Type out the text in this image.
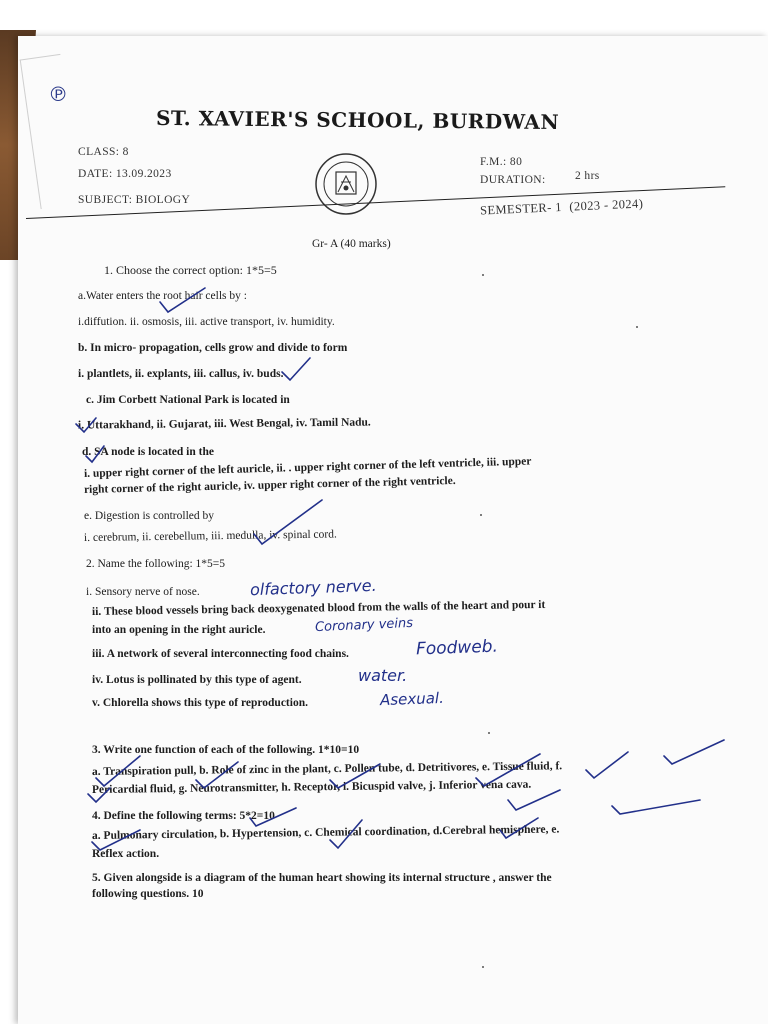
℗
ST. XAVIER'S SCHOOL, BURDWAN
CLASS: 8
DATE: 13.09.2023
SUBJECT: BIOLOGY
F.M.: 80
DURATION:	2 hrs
SEMESTER- 1 (2023 - 2024)
Gr- A (40 marks)
1. Choose the correct option: 1*5=5
a.Water enters the root hair cells by :
i.diffution. ii. osmosis, iii. active transport, iv. humidity.
b. In micro- propagation, cells grow and divide to form
i. plantlets, ii. explants, iii. callus, iv. buds.
c. Jim Corbett National Park is located in
i. Uttarakhand, ii. Gujarat, iii. West Bengal, iv. Tamil Nadu.
d. SA node is located in the
i. upper right corner of the left auricle, ii. . upper right corner of the left ventricle, iii. upper
right corner of the right auricle, iv. upper right corner of the right ventricle.
e. Digestion is controlled by
i. cerebrum, ii. cerebellum, iii. medulla, iv. spinal cord.
2. Name the following: 1*5=5
i. Sensory nerve of nose.	olfactory nerve.
ii. These blood vessels bring back deoxygenated blood from the walls of the heart and pour it
into an opening in the right auricle.	Coronary veins
iii. A network of several interconnecting food chains.	Foodweb.
iv. Lotus is pollinated by this type of agent.	water.
v. Chlorella shows this type of reproduction.	Asexual.
3. Write one function of each of the following. 1*10=10
a. Transpiration pull, b. Role of zinc in the plant, c. Pollen tube, d. Detritivores, e. Tissue fluid, f.
Pericardial fluid, g. Neurotransmitter, h. Receptor, i. Bicuspid valve, j. Inferior vena cava.
4. Define the following terms: 5*2=10
a. Pulmonary circulation, b. Hypertension, c. Chemical coordination, d.Cerebral hemisphere, e.
Reflex action.
5. Given alongside is a diagram of the human heart showing its internal structure , answer the
following questions. 10
